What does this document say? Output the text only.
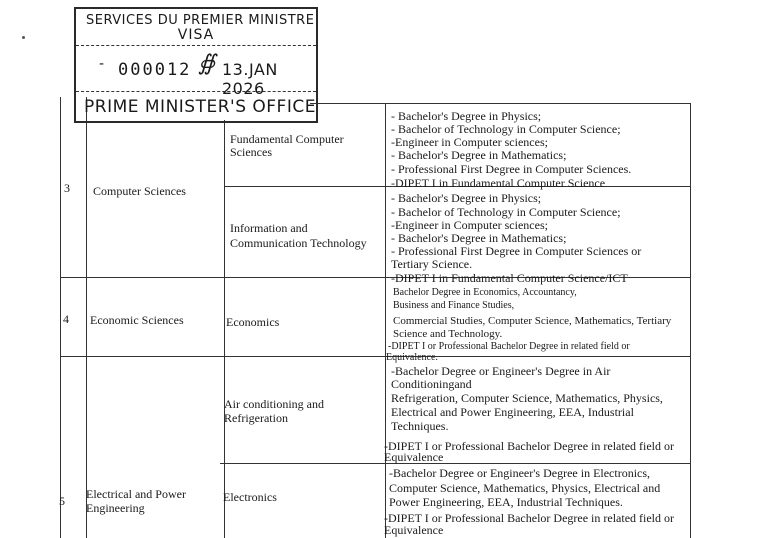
3 Computer Sciences
Fundamental Computer
Sciences
- Bachelor's Degree in Physics;
- Bachelor of Technology in Computer Science;
-Engineer in Computer sciences;
- Bachelor's Degree in Mathematics;
- Professional First Degree in Computer Sciences.
-DIPET I in Fundamental Computer Science
Information and
Communication Technology
- Bachelor's Degree in Physics;
- Bachelor of Technology in Computer Science;
-Engineer in Computer sciences;
- Bachelor's Degree in Mathematics;
- Professional First Degree in Computer Sciences or
Tertiary Science.
-DIPET I in Fundamental Computer Science/ICT
4 Economic Sciences	Economics
Bachelor Degree in Economics, Accountancy,
Business and Finance Studies,
Commercial Studies, Computer Science, Mathematics, Tertiary
Science and Technology.
-DIPET I or Professional Bachelor Degree in related field or
Equivalence.
5 Electrical and Power
Engineering
Air conditioning and
Refrigeration
-Bachelor Degree or Engineer's Degree in Air
Conditioningand
Refrigeration, Computer Science, Mathematics, Physics,
Electrical and Power Engineering, EEA, Industrial
Techniques.
-DIPET I or Professional Bachelor Degree in related field or
Equivalence
Electronics
-Bachelor Degree or Engineer's Degree in Electronics,
Computer Science, Mathematics, Physics, Electrical and
Power Engineering, EEA, Industrial Techniques.
-DIPET I or Professional Bachelor Degree in related field or
Equivalence
SERVICES DU PREMIER MINISTRE
VISA
- 000012 ∯ 13.JAN 2026
PRIME MINISTER'S OFFICE
